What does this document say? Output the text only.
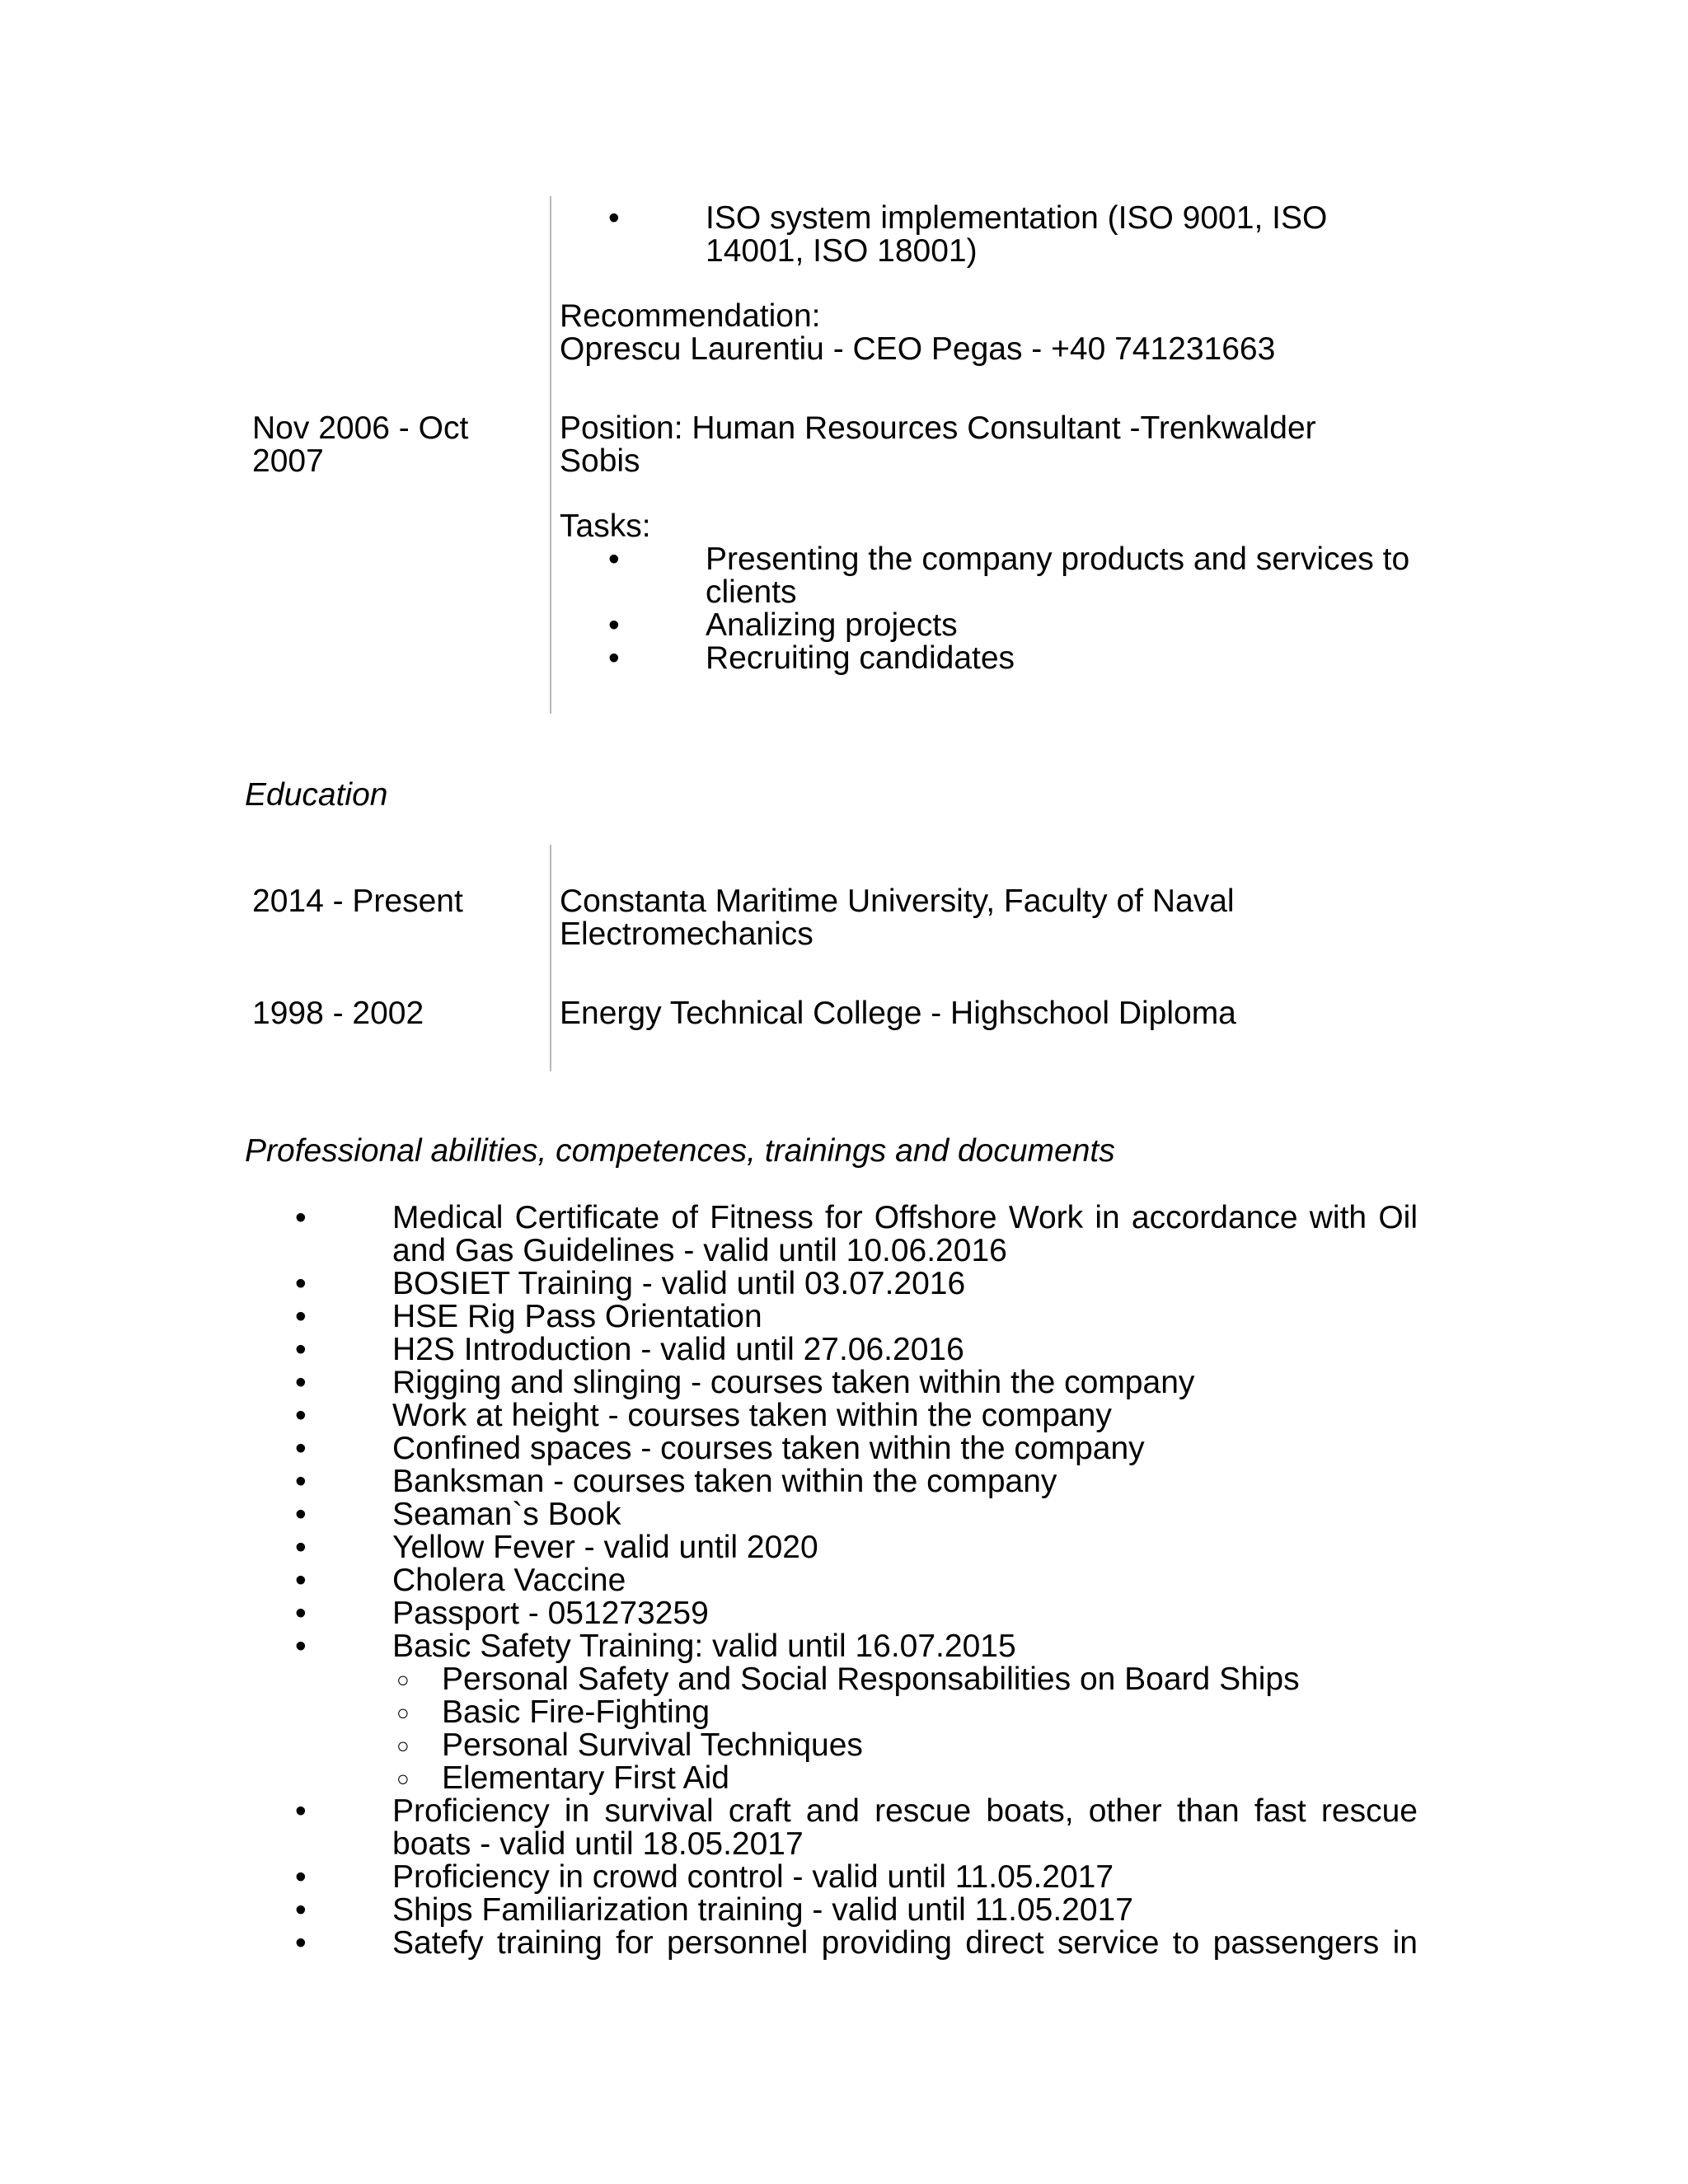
• ISO system implementation (ISO 9001, ISO 14001, ISO 18001)

Recommendation:

Oprescu Laurentiu - CEO Pegas - +40 741231663

Nov 2006 - Oct 2007

Position: Human Resources Consultant -Trenkwalder Sobis

Tasks:

• Presenting the company products and services to clients
• Analizing projects
• Recruiting candidates

Education

2014 - Present	Constanta Maritime University, Faculty of Naval Electromechanics

1998 - 2002	Energy Technical College - Highschool Diploma

Professional abilities, competences, trainings and documents

• Medical Certificate of Fitness for Offshore Work in accordance with Oil and Gas Guidelines - valid until 10.06.2016
• BOSIET Training - valid until 03.07.2016
• HSE Rig Pass Orientation
• H2S Introduction - valid until 27.06.2016
• Rigging and slinging - courses taken within the company
• Work at height - courses taken within the company
• Confined spaces - courses taken within the company
• Banksman - courses taken within the company
• Seaman`s Book
• Yellow Fever - valid until 2020
• Cholera Vaccine
• Passport - 051273259
• Basic Safety Training: valid until 16.07.2015
○ Personal Safety and Social Responsabilities on Board Ships
○ Basic Fire-Fighting
○ Personal Survival Techniques
○ Elementary First Aid
• Proficiency in survival craft and rescue boats, other than fast rescue boats - valid until 18.05.2017
• Proficiency in crowd control - valid until 11.05.2017
• Ships Familiarization training - valid until 11.05.2017
• Satefy training for personnel providing direct service to passengers in
